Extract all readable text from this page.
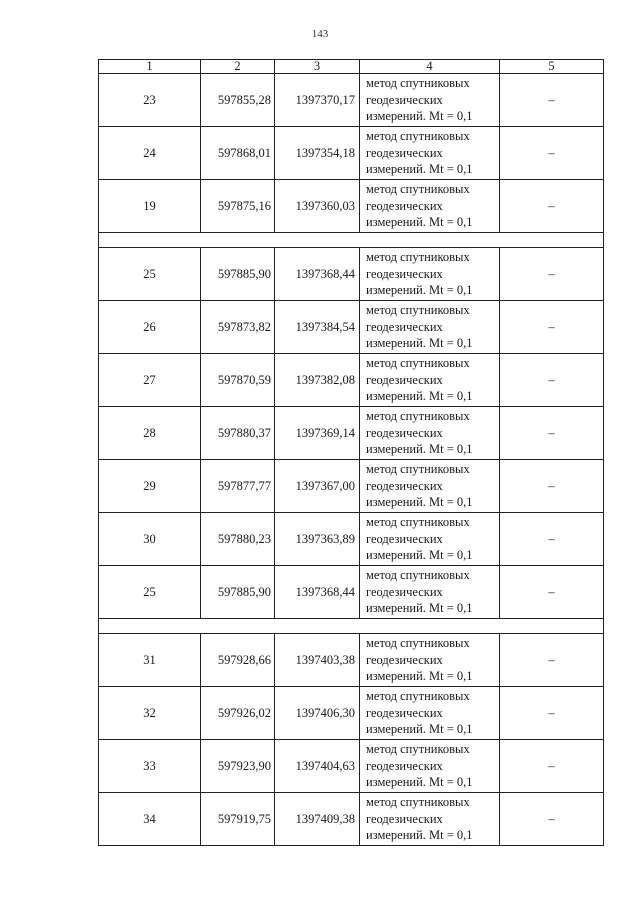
143
1	2	3	4	5
23	597855,28	1397370,17	метод спутниковых
геодезических
измерений. Mt = 0,1	–
24	597868,01	1397354,18	метод спутниковых
геодезических
измерений. Mt = 0,1	–
19	597875,16	1397360,03	метод спутниковых
геодезических
измерений. Mt = 0,1	–

25	597885,90	1397368,44	метод спутниковых
геодезических
измерений. Mt = 0,1	–
26	597873,82	1397384,54	метод спутниковых
геодезических
измерений. Mt = 0,1	–
27	597870,59	1397382,08	метод спутниковых
геодезических
измерений. Mt = 0,1	–
28	597880,37	1397369,14	метод спутниковых
геодезических
измерений. Mt = 0,1	–
29	597877,77	1397367,00	метод спутниковых
геодезических
измерений. Mt = 0,1	–
30	597880,23	1397363,89	метод спутниковых
геодезических
измерений. Mt = 0,1	–
25	597885,90	1397368,44	метод спутниковых
геодезических
измерений. Mt = 0,1	–

31	597928,66	1397403,38	метод спутниковых
геодезических
измерений. Mt = 0,1	–
32	597926,02	1397406,30	метод спутниковых
геодезических
измерений. Mt = 0,1	–
33	597923,90	1397404,63	метод спутниковых
геодезических
измерений. Mt = 0,1	–
34	597919,75	1397409,38	метод спутниковых
геодезических
измерений. Mt = 0,1	–
